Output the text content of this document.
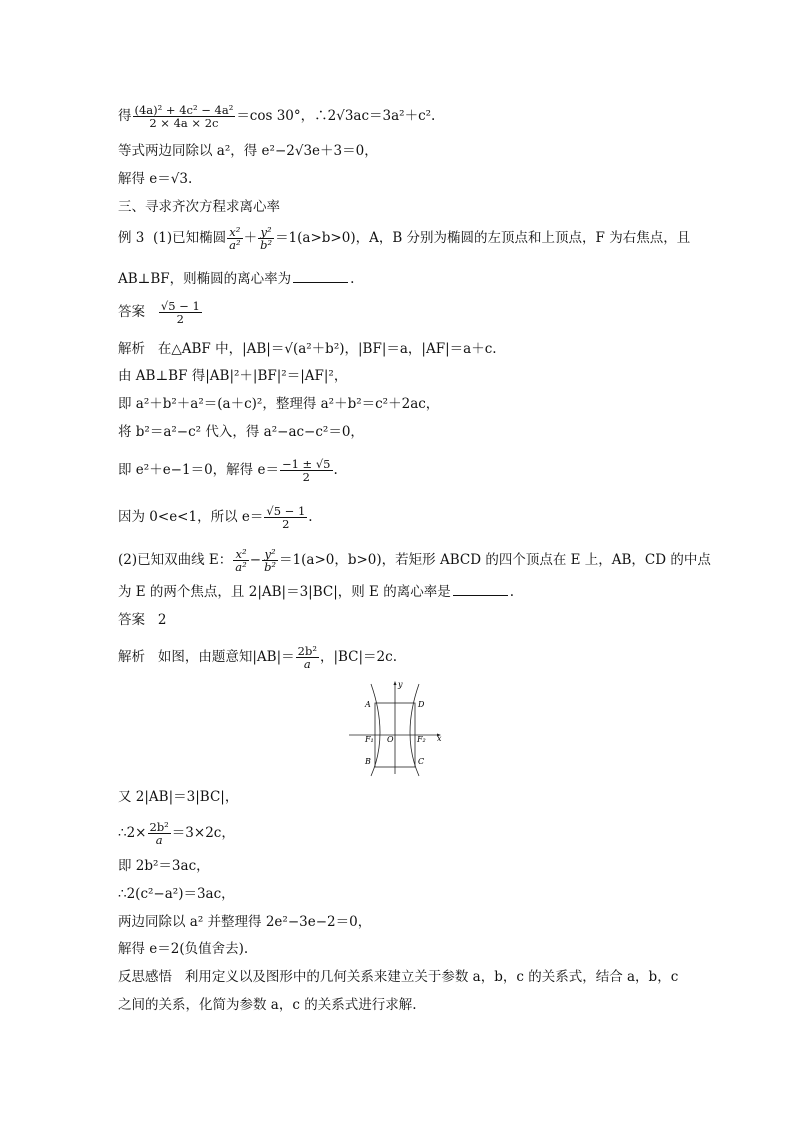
得 $\frac{\text{(4a)² + 4c² − 4a²}}{2 \times 4a \times 2c} =\cos$ 30°，∴2√3ac＝3a²＋c².
等式两边同除以 a²，得 e²−2√3e＋3＝0，
解得 e＝√3.
三、寻求齐次方程求离心率
例 3 (1)已知椭圆 $\frac{\text{x²}}{\text{a²}} + \frac{\text{y²}}{\text{b²}} =1(a>b>0)$，A，B 分别为椭圆的左顶点和上顶点，F 为右焦点，且
AB⊥BF，则椭圆的离心率为	.
答案 $\frac{√5 - 1}{2}$
解析 在△ABF 中，|AB|＝√(a²＋b²)，|BF|＝a，|AF|＝a＋c.
由 AB⊥BF 得|AB|²＋|BF|²＝|AF|²，
即 a²＋b²＋a²＝(a＋c)²，整理得 a²＋b²＝c²＋2ac，
将 b²＝a²−c² 代入，得 a²−ac−c²＝0，
即 e²＋e−1＝0，解得 $e= \frac{-1 \pm √5}{2}$ .
因为 0<e<1，所以 $e= \frac{√5 - 1}{2}$ .
(2)已知双曲线 E： $\frac{\text{x²}}{\text{a²}} - \frac{\text{y²}}{\text{b²}} =1(a>0$，b>0)，若矩形 ABCD 的四个顶点在 E 上，AB，CD 的中点
为 E 的两个焦点，且 2|AB|＝3|BC|，则 E 的离心率是	.
答案 2
解析 如图，由题意知$|AB|= \frac{\text{2b²}}{a}$ ，|BC|＝2c.
A	D
B	C
F₁	F₂
O	x
y
又 2|AB|＝3|BC|，
∴2× $\frac{\text{2b²}}{a} =3\times 2c$，
即 2b²＝3ac，
∴2(c²−a²)＝3ac，
两边同除以 a² 并整理得 2e²−3e−2＝0，
解得 e＝2(负值舍去).
反思感悟 利用定义以及图形中的几何关系来建立关于参数 a，b，c 的关系式，结合 a，b，c
之间的关系，化简为参数 a，c 的关系式进行求解.
